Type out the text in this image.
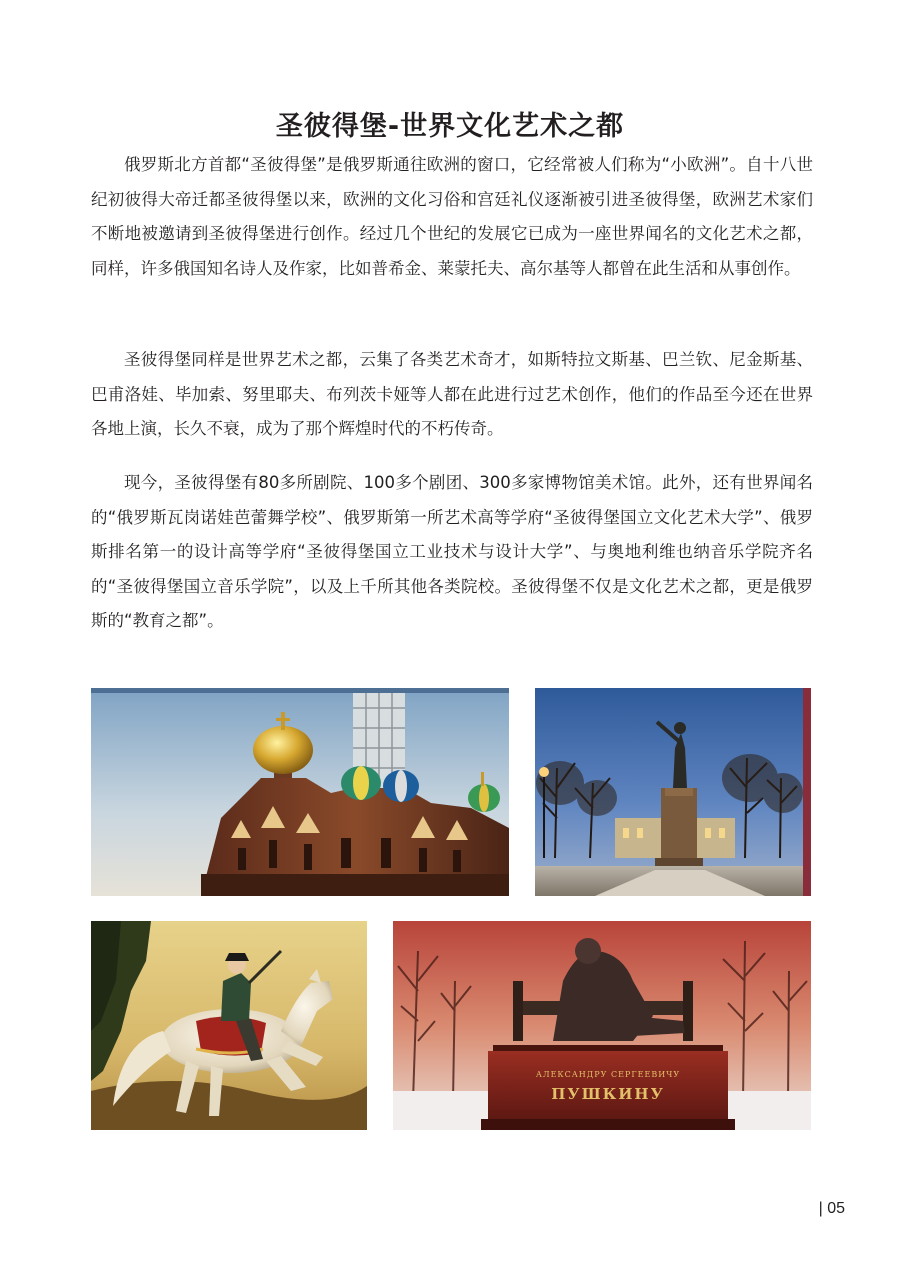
圣彼得堡-世界文化艺术之都

俄罗斯北方首都“圣彼得堡”是俄罗斯通往欧洲的窗口，它经常被人们称为“小欧洲”。自十八世纪初彼得大帝迁都圣彼得堡以来，欧洲的文化习俗和宫廷礼仪逐渐被引进圣彼得堡，欧洲艺术家们不断地被邀请到圣彼得堡进行创作。经过几个世纪的发展它已成为一座世界闻名的文化艺术之都，同样，许多俄国知名诗人及作家，比如普希金、莱蒙托夫、高尔基等人都曾在此生活和从事创作。

圣彼得堡同样是世界艺术之都，云集了各类艺术奇才，如斯特拉文斯基、巴兰钦、尼金斯基、巴甫洛娃、毕加索、努里耶夫、布列茨卡娅等人都在此进行过艺术创作，他们的作品至今还在世界各地上演，长久不衰，成为了那个辉煌时代的不朽传奇。

现今，圣彼得堡有80多所剧院、100多个剧团、300多家博物馆美术馆。此外，还有世界闻名的“俄罗斯瓦岗诺娃芭蕾舞学校”、俄罗斯第一所艺术高等学府“圣彼得堡国立文化艺术大学”、俄罗斯排名第一的设计高等学府“圣彼得堡国立工业技术与设计大学”、与奥地利维也纳音乐学院齐名的“圣彼得堡国立音乐学院”，以及上千所其他各类院校。圣彼得堡不仅是文化艺术之都，更是俄罗斯的“教育之都”。

АЛЕКСАНДРУ СЕРГЕЕВИЧУ
ПУШКИНУ
| 05
